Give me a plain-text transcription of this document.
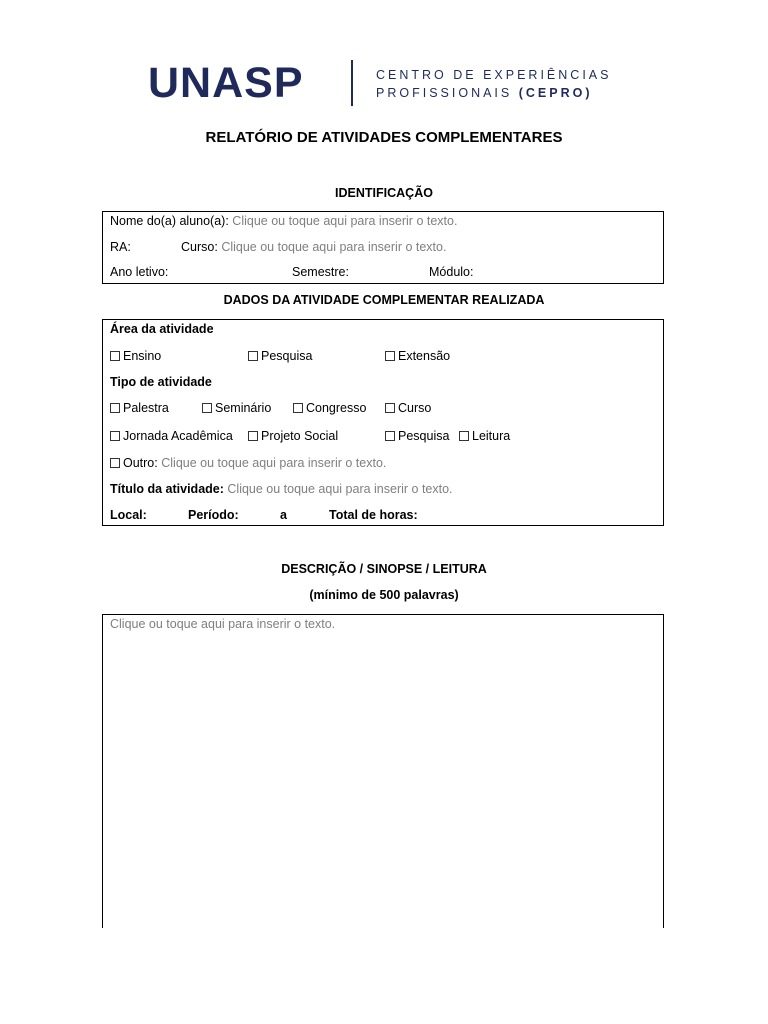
UNASP	CENTRO DE EXPERIÊNCIAS
PROFISSIONAIS (CEPRO)
RELATÓRIO DE ATIVIDADES COMPLEMENTARES
IDENTIFICAÇÃO
Nome do(a) aluno(a): Clique ou toque aqui para inserir o texto.
RA:	Curso: Clique ou toque aqui para inserir o texto.
Ano letivo:	Semestre:	Módulo:
DADOS DA ATIVIDADE COMPLEMENTAR REALIZADA
Área da atividade
Ensino	Pesquisa	Extensão
Tipo de atividade
Palestra	Seminário	Congresso	Curso
Jornada Acadêmica	Projeto Social	Pesquisa	Leitura
Outro: Clique ou toque aqui para inserir o texto.
Título da atividade: Clique ou toque aqui para inserir o texto.
Local:	Período:	a	Total de horas:
DESCRIÇÃO / SINOPSE / LEITURA
(mínimo de 500 palavras)
Clique ou toque aqui para inserir o texto.
